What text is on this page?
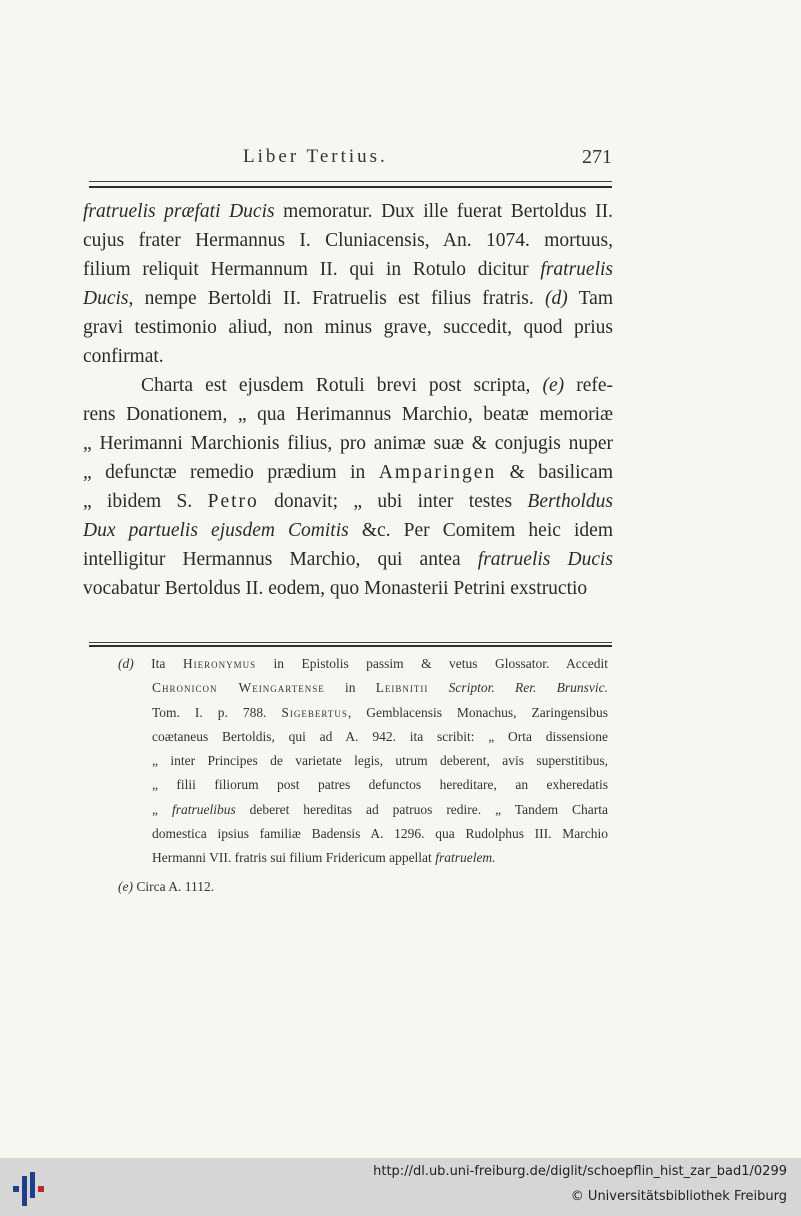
Liber Tertius.	271
fratruelis præfati Ducis memoratur. Dux ille fuerat Bertoldus II.
cujus frater Hermannus I. Cluniacensis, An. 1074. mortuus,
filium reliquit Hermannum II. qui in Rotulo dicitur fratruelis
Ducis, nempe Bertoldi II. Fratruelis est filius fratris. (d) Tam
gravi testimonio aliud, non minus grave, succedit, quod prius
confirmat.
Charta est ejusdem Rotuli brevi post scripta, (e) refe-
rens Donationem, „ qua Herimannus Marchio, beatæ memoriæ
„ Herimanni Marchionis filius, pro animæ suæ & conjugis nuper
„ defunctæ remedio prædium in Amparingen & basilicam
„ ibidem S. Petro donavit; „ ubi inter testes Bertholdus
Dux partuelis ejusdem Comitis &c. Per Comitem heic idem
intelligitur Hermannus Marchio, qui antea fratruelis Ducis
vocabatur Bertoldus II. eodem, quo Monasterii Petrini exstructio
(d) Ita Hieronymus in Epistolis passim & vetus Glossator. Accedit
Chronicon Weingartense in Leibnitii Scriptor. Rer. Brunsvic.
Tom. I. p. 788. Sigebertus, Gemblacensis Monachus, Zaringensibus
coætaneus Bertoldis, qui ad A. 942. ita scribit: „ Orta dissensione
„ inter Principes de varietate legis, utrum deberent, avis superstitibus,
„ filii filiorum post patres defunctos hereditare, an exheredatis
„ fratruelibus deberet hereditas ad patruos redire. „ Tandem Charta
domestica ipsius familiæ Badensis A. 1296. qua Rudolphus III. Marchio
Hermanni VII. fratris sui filium Fridericum appellat fratruelem.
(e) Circa A. 1112.
http://dl.ub.uni-freiburg.de/diglit/schoepflin_hist_zar_bad1/0299
© Universitätsbibliothek Freiburg
